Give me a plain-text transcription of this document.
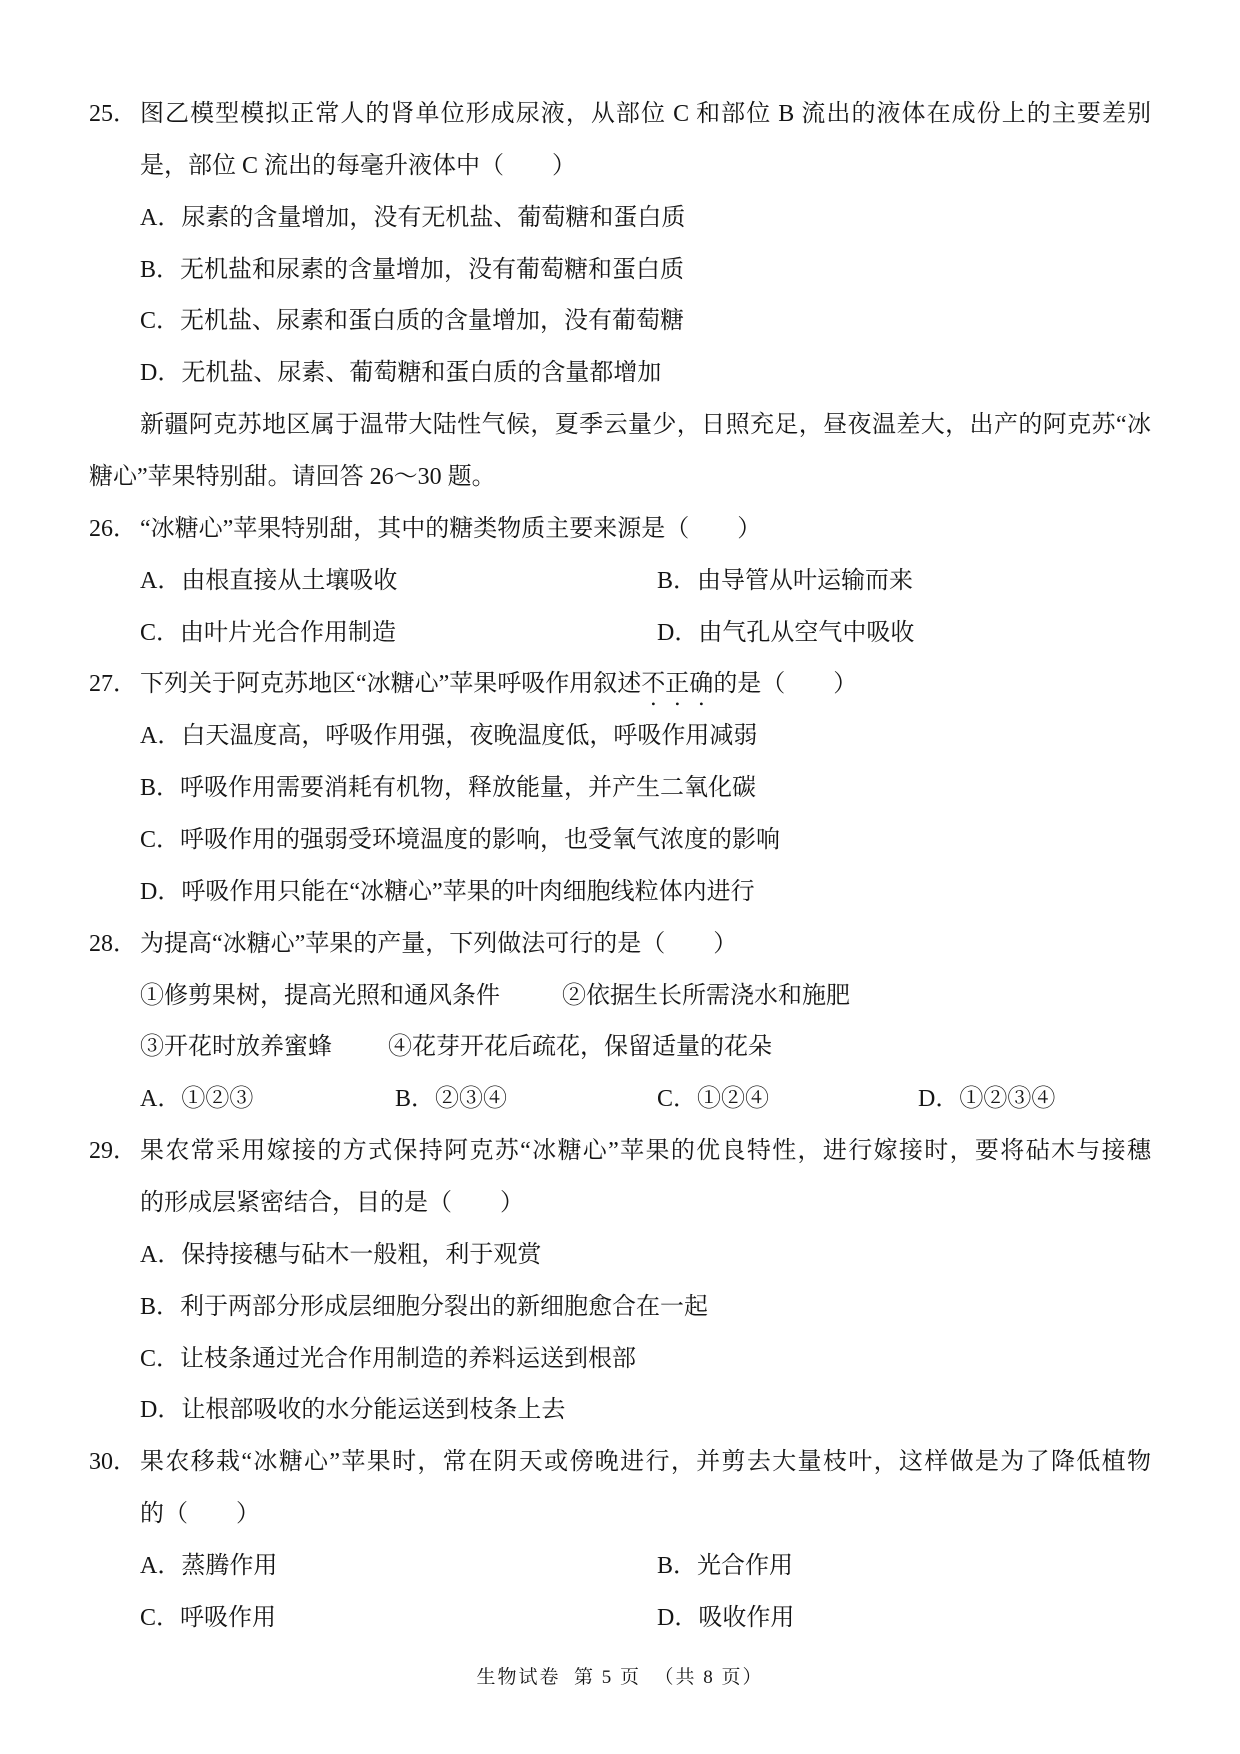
25． 图乙模型模拟正常人的肾单位形成尿液，从部位 C 和部位 B 流出的液体在成份上的主要差别
是，部位 C 流出的每毫升液体中（　　）
A．尿素的含量增加，没有无机盐、葡萄糖和蛋白质
B．无机盐和尿素的含量增加，没有葡萄糖和蛋白质
C．无机盐、尿素和蛋白质的含量增加，没有葡萄糖
D．无机盐、尿素、葡萄糖和蛋白质的含量都增加
新疆阿克苏地区属于温带大陆性气候，夏季云量少，日照充足，昼夜温差大，出产的阿克苏“冰
糖心”苹果特别甜。请回答 26～30 题。
26． “冰糖心”苹果特别甜，其中的糖类物质主要来源是（　　）
A．由根直接从土壤吸收	B．由导管从叶运输而来
C．由叶片光合作用制造	D．由气孔从空气中吸收
27． 下列关于阿克苏地区“冰糖心”苹果呼吸作用叙述不正确的是（　　）
A．白天温度高，呼吸作用强，夜晚温度低，呼吸作用减弱
B．呼吸作用需要消耗有机物，释放能量，并产生二氧化碳
C．呼吸作用的强弱受环境温度的影响，也受氧气浓度的影响
D．呼吸作用只能在“冰糖心”苹果的叶肉细胞线粒体内进行
28． 为提高“冰糖心”苹果的产量，下列做法可行的是（　　）
①修剪果树，提高光照和通风条件	②依据生长所需浇水和施肥
③开花时放养蜜蜂 ④花芽开花后疏花，保留适量的花朵
A．①②③	B．②③④	C．①②④	D．①②③④
29． 果农常采用嫁接的方式保持阿克苏“冰糖心”苹果的优良特性，进行嫁接时，要将砧木与接穗
的形成层紧密结合，目的是（　　）
A．保持接穗与砧木一般粗，利于观赏
B．利于两部分形成层细胞分裂出的新细胞愈合在一起
C．让枝条通过光合作用制造的养料运送到根部
D．让根部吸收的水分能运送到枝条上去
30． 果农移栽“冰糖心”苹果时，常在阴天或傍晚进行，并剪去大量枝叶，这样做是为了降低植物
的（　　）
A．蒸腾作用	B．光合作用
C．呼吸作用	D．吸收作用
生物试卷  第 5 页  （共 8 页）
